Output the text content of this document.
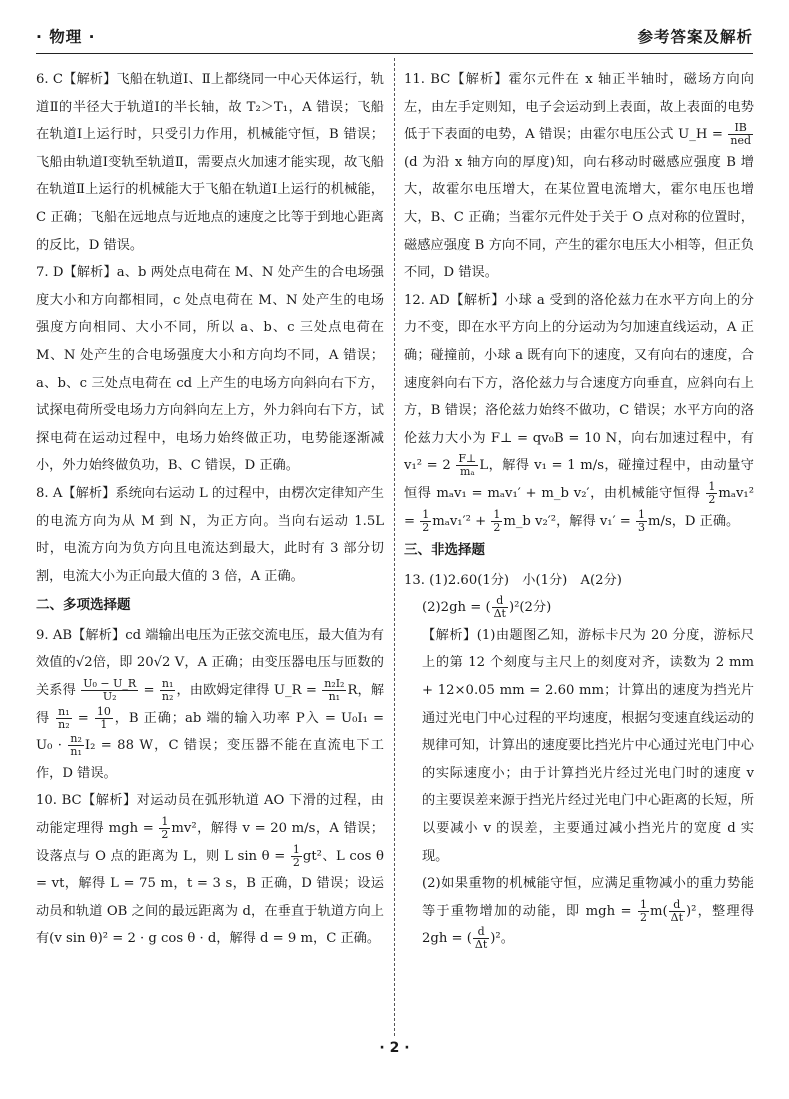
· 物理 ·	参考答案及解析

6. C【解析】飞船在轨道Ⅰ、Ⅱ上都绕同一中心天体运行，轨道Ⅱ的半径大于轨道Ⅰ的半长轴，故 T₂＞T₁，A 错误；飞船在轨道Ⅰ上运行时，只受引力作用，机械能守恒，B 错误；飞船由轨道Ⅰ变轨至轨道Ⅱ，需要点火加速才能实现，故飞船在轨道Ⅱ上运行的机械能大于飞船在轨道Ⅰ上运行的机械能，C 正确；飞船在远地点与近地点的速度之比等于到地心距离的反比，D 错误。

7. D【解析】a、b 两处点电荷在 M、N 处产生的合电场强度大小和方向都相同，c 处点电荷在 M、N 处产生的电场强度方向相同、大小不同，所以 a、b、c 三处点电荷在 M、N 处产生的合电场强度大小和方向均不同，A 错误；a、b、c 三处点电荷在 cd 上产生的电场方向斜向右下方，试探电荷所受电场力方向斜向左上方，外力斜向右下方，试探电荷在运动过程中，电场力始终做正功，电势能逐渐减小，外力始终做负功，B、C 错误，D 正确。

8. A【解析】系统向右运动 L 的过程中，由楞次定律知产生的电流方向为从 M 到 N，为正方向。当向右运动 1.5L 时，电流方向为负方向且电流达到最大，此时有 3 部分切割，电流大小为正向最大值的 3 倍，A 正确。

二、多项选择题

9. AB【解析】cd 端输出电压为正弦交流电压，最大值为有效值的√2倍，即 20√2 V，A 正确；由变压器电压与匝数的关系得 $\frac{\text{U₀ − U\_R}}{\text{U₂}} = \frac{\text{n₁}}{\text{n₂}}$ ，由欧姆定律得 U_R = $\frac{\text{n₂I₂}}{\text{n₁}}$ R，解得 $\frac{\text{n₁}}{\text{n₂}} = \frac{10}{1}$ ，B 正确；ab 端的输入功率 P入 = $U_0I_1 = U_0 \cdot \frac{\text{n₂}}{\text{n₁}} I_2 = 88$ W，C 错误；变压器不能在直流电下工作，D 错误。

10. BC【解析】对运动员在弧形轨道 AO 下滑的过程，由动能定理得 mgh = $\frac{1}{2} mv^2$，解得 v = 20 m/s，A 错误；设落点与 O 点的距离为 L，则 L $\sin \theta = \frac{1}{2} gt^2$、L cos θ = vt，解得 L = 75 m，t = 3 s，B 正确，D 错误；设运动员和轨道 OB 之间的最远距离为 d，在垂直于轨道方向上有(v sin θ)² = 2 · g cos θ · d，解得 d = 9 m，C 正确。

11. BC【解析】霍尔元件在 x 轴正半轴时，磁场方向向左，由左手定则知，电子会运动到上表面，故上表面的电势低于下表面的电势，A 错误；由霍尔电压公式 U_H = $\frac{IB}{\text{ned}}$
(d 为沿 x 轴方向的厚度)知，向右移动时磁感应强度 B 增大，故霍尔电压增大，在某位置电流增大，霍尔电压也增大，B、C 正确；当霍尔元件处于关于 O 点对称的位置时，磁感应强度 B 方向不同，产生的霍尔电压大小相等，但正负不同，D 错误。

12. AD【解析】小球 a 受到的洛伦兹力在水平方向上的分力不变，即在水平方向上的分运动为匀加速直线运动，A 正确；碰撞前，小球 a 既有向下的速度，又有向右的速度，合速度斜向右下方，洛伦兹力与合速度方向垂直，应斜向右上方，B 错误；洛伦兹力始终不做功，C 错误；水平方向的洛伦兹力大小为 F⊥ = qv₀B = 10 N，向右加速过程中，有 $v_1^2 = 2 \frac{F\perp}{\text{mₐ}}$ L，解得 v₁ = 1 m/s，碰撞过程中，由动量守恒得 mₐv₁ = mₐv₁′ + m_b v₂′，由机械能守恒得 $\frac{1}{2} m_av_1^2 = \frac{1}{2} m_av_1'^2 + \frac{1}{2}$ m_b v₂′²，解得 $v_1' = \frac{1}{3} m/s$，D 正确。

三、非选择题

13. (1)2.60(1分)　小(1分)　A(2分)

(2)2gh = ( $\frac{d}{\Delta t} )^2(2$分)

【解析】(1)由题图乙知，游标卡尺为 20 分度，游标尺上的第 12 个刻度与主尺上的刻度对齐，读数为 2 mm + 12×0.05 mm = 2.60 mm；计算出的速度为挡光片通过光电门中心过程的平均速度，根据匀变速直线运动的规律可知，计算出的速度要比挡光片中心通过光电门中心的实际速度小；由于计算挡光片经过光电门时的速度 v 的主要误差来源于挡光片经过光电门中心距离的长短，所以要减小 v 的误差，主要通过减小挡光片的宽度 d 实现。

(2)如果重物的机械能守恒，应满足重物减小的重力势能等于重物增加的动能，即 mgh = $\frac{1}{2} m( \frac{d}{\Delta t} )^2$，整理得 2gh = ( $\frac{d}{\Delta t} )^2$。

· 2 ·
